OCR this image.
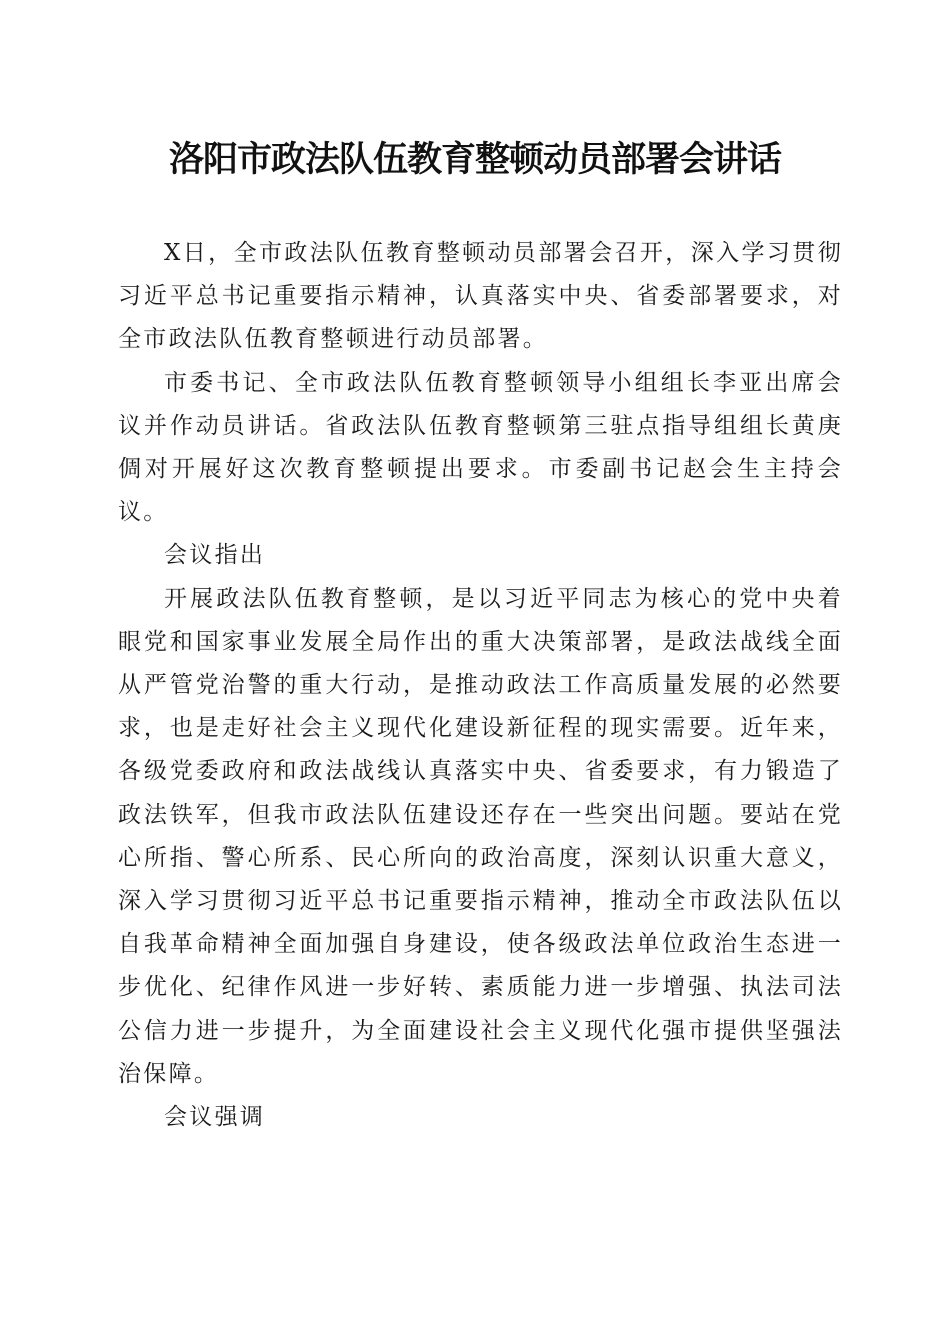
洛阳市政法队伍教育整顿动员部署会讲话

X日，全市政法队伍教育整顿动员部署会召开，深入学习贯彻习近平总书记重要指示精神，认真落实中央、省委部署要求，对全市政法队伍教育整顿进行动员部署。

市委书记、全市政法队伍教育整顿领导小组组长李亚出席会议并作动员讲话。省政法队伍教育整顿第三驻点指导组组长黄庚倜对开展好这次教育整顿提出要求。市委副书记赵会生主持会议。

会议指出

开展政法队伍教育整顿，是以习近平同志为核心的党中央着眼党和国家事业发展全局作出的重大决策部署，是政法战线全面从严管党治警的重大行动，是推动政法工作高质量发展的必然要求，也是走好社会主义现代化建设新征程的现实需要。近年来，各级党委政府和政法战线认真落实中央、省委要求，有力锻造了政法铁军，但我市政法队伍建设还存在一些突出问题。要站在党心所指、警心所系、民心所向的政治高度，深刻认识重大意义，深入学习贯彻习近平总书记重要指示精神，推动全市政法队伍以自我革命精神全面加强自身建设，使各级政法单位政治生态进一步优化、纪律作风进一步好转、素质能力进一步增强、执法司法公信力进一步提升，为全面建设社会主义现代化强市提供坚强法治保障。

会议强调
